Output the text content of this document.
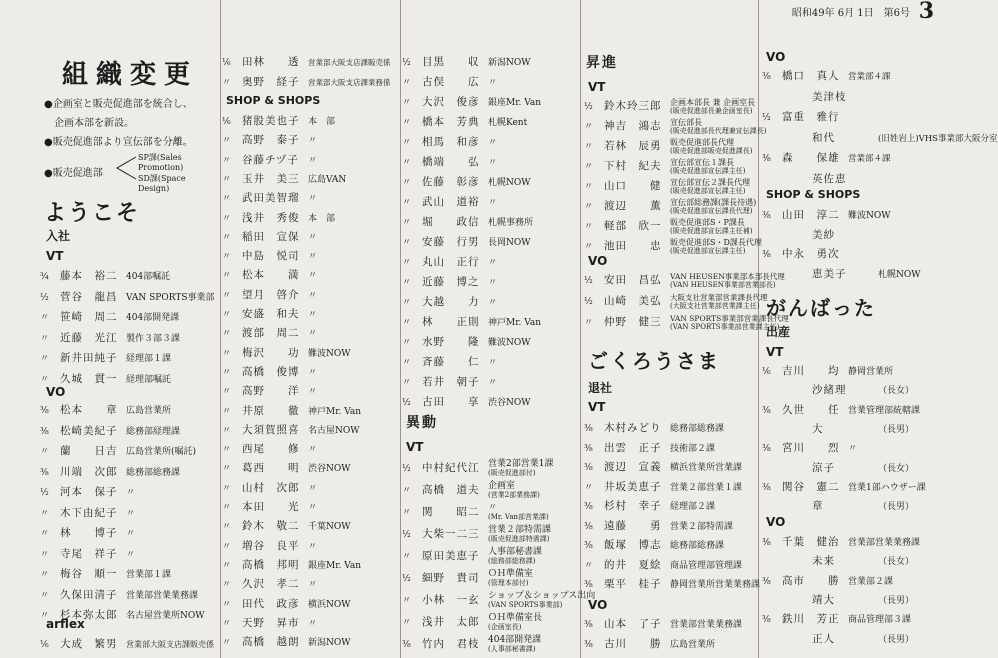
昭和49年 6月 1日　第6号 3
組織変更
●企画室と販売促進部を統合し、
企画本部を新設。
●販売促進部より宣伝部を分離。
●販売促進部
SP課(Sales Promotion)
SD課(Space Design)
ようこそ
入社
VT
¾ 藤本　裕二 404部嘱託
½ 菅谷　龍昌 VAN SPORTS事業部
〃 笹崎　周二 404部開発課
〃 近藤　光江 製作３部３課
〃 新井田純子 経理部１課
〃 久城　貫一 経理部嘱託
VO
⅜ 松本　　章 広島営業所
⅜ 松崎美紀子 総務部経理課
〃 蘭　　日吉 広島営業所(嘱託)
⅜ 川端　次郎 総務部総務課
½ 河本　保子 〃
〃 木下由紀子 〃
〃 林　　博子 〃
〃 寺尾　祥子 〃
〃 梅谷　順一 営業部１課
〃 久保田清子 営業部営業業務課
〃 杉本弥太郎 名古屋営業所NOW
arflex
⅙ 大成　繁男 営業部大阪支店課販売係
⅙ 田林　　透 営業部大阪支店課販売係
〃 奥野　経子 営業部大阪支店課業務係
SHOP & SHOPS
⅙ 猪股美也子 本　部
〃 高野　泰子 〃
〃 谷藤チヅ子 〃
〃 玉井　美三 広島VAN
〃 武田美智瑠 〃
〃 浅井　秀俊 本　部
〃 稲田　宣保 〃
〃 中島　悦司 〃
〃 松本　　満 〃
〃 望月　啓介 〃
〃 安盛　和夫 〃
〃 渡部　周二 〃
〃 梅沢　　功 難波NOW
〃 高橋　俊博 〃
〃 高野　　洋 〃
〃 井原　　徹 神戸Mr. Van
〃 大須賀照喜 名古屋NOW
〃 西尾　　修 〃
〃 葛西　　明 渋谷NOW
〃 山村　次郎 〃
〃 本田　　光 〃
〃 鈴木　敬二 千葉NOW
〃 増谷　良平 〃
〃 高橋　邦明 銀座Mr. Van
〃 久沢　孝二 〃
〃 田代　政彦 横浜NOW
〃 天野　昇市 〃
〃 高橋　越朗 新潟NOW
½ 目黒　　収 新潟NOW
〃 古俣　　広 〃
〃 大沢　俊彦 銀座Mr. Van
〃 橋本　芳典 札幌Kent
〃 相馬　和彦 〃
〃 橋端　　弘 〃
〃 佐藤　彰彦 札幌NOW
〃 武山　道裕 〃
〃 堀　　政信 札幌事務所
〃 安藤　行男 長岡NOW
〃 丸山　正行 〃
〃 近藤　博之 〃
〃 大越　　力 〃
〃 林　　正則 神戸Mr. Van
〃 水野　　隆 難波NOW
〃 斉藤　　仁 〃
〃 若井　朝子 〃
½ 古田　　享 渋谷NOW
異動
VT
½ 中村紀代江 営業2部営業1課
(販売促進部付)
〃 高橋　道夫 企画室
(営業2部業務課)
〃 関　　昭二 〃
(Mr. Van部営業課)
½ 大柴一二三 営業２部特需課
(販売促進部特需課)
〃 原田美恵子 人事部秘書課
(総務部総務課)
½ 細野　貴司 ＯＨ準備室
(管理本部付)
〃 小林　一玄 ショップ＆ショップス出向
(VAN SPORTS事業部)
〃 浅井　太郎 ＯＨ準備室長
(企画室長)
⅜ 竹内　君枝 404部開発課
(人事部秘書課)
昇進
VT
½ 鈴木玲三郎 企画本部長 兼 企画室長
(販売促進部長兼企画室長)
〃 神吉　鴻志 宣伝部長
(販売促進部長代理兼宣伝課長)
〃 若林　辰勇 販売促進部長代理
(販売促進部販売促進課長)
〃 下村　紀夫 宣伝部宣伝１課長
(販売促進部宣伝課主任)
〃 山口　　健 宣伝部宣伝２課長代理
(販売促進部宣伝課主任)
〃 渡辺　　薫 宣伝部総務課(課長待遇)
(販売促進部宣伝課長代理)
〃 軽部　欣一 販売促進部S・P課長
(販売促進部宣伝課主任補)
〃 池田　　忠 販売促進部S・D課長代理
(販売促進部宣伝課主任)
VO
½ 安田　昌弘 VAN HEUSEN事業部本部長代理
(VAN HEUSEN事業部営業部長)
½ 山崎　美弘 大阪支社営業部営業課長代理
(大阪支社営業部営業課主任)
〃 仲野　健三 VAN SPORTS事業部営業課長代理
(VAN SPORTS事業部営業課主任)
ごくろうさま
退社
VT
⅜ 木村みどり 総務部総務課
⅜ 出雲　正子 技術部２課
⅜ 渡辺　宣義 横浜営業所営業課
〃 井坂美恵子 営業２部営業１課
⅜ 杉村　幸子 経理部２課
⅜ 遠藤　　勇 営業２部特需課
⅜ 飯塚　博志 総務部総務課
〃 的井　夏絵 商品管理部管理課
⅜ 栗平　桂子 静岡営業所営業業務課
VO
⅜ 山本　了子 営業部営業業務課
⅜ 古川　　勝 広島営業所
VO
⅜ 橋口　真人 営業部４課
美津枝
½ 富重　雅行
和代	(旧姓岩上)VHS事業部大阪分室
⅜ 森　　保雄 営業部４課
英佐恵
SHOP & SHOPS
⅜ 山田　淳二 難波NOW
美紗
⅜ 中永　勇次
恵美子	札幌NOW
がんばった
出産
VT
⅙ 吉川　　均 静岡営業所
沙緒理	（長女）
⅜ 久世　　任 営業管理部統轄課
大	（長男）
⅜ 宮川　　烈 〃
涼子	（長女）
⅜ 関谷　憲二 営業1部ハウザー課
章	（長男）
VO
⅜ 千葉　健治 営業部営業業務課
未来	（長女）
⅜ 高市　　勝 営業部２課
靖大	（長男）
⅜ 鉄川　芳正 商品管理部３課
正人	（長男）
